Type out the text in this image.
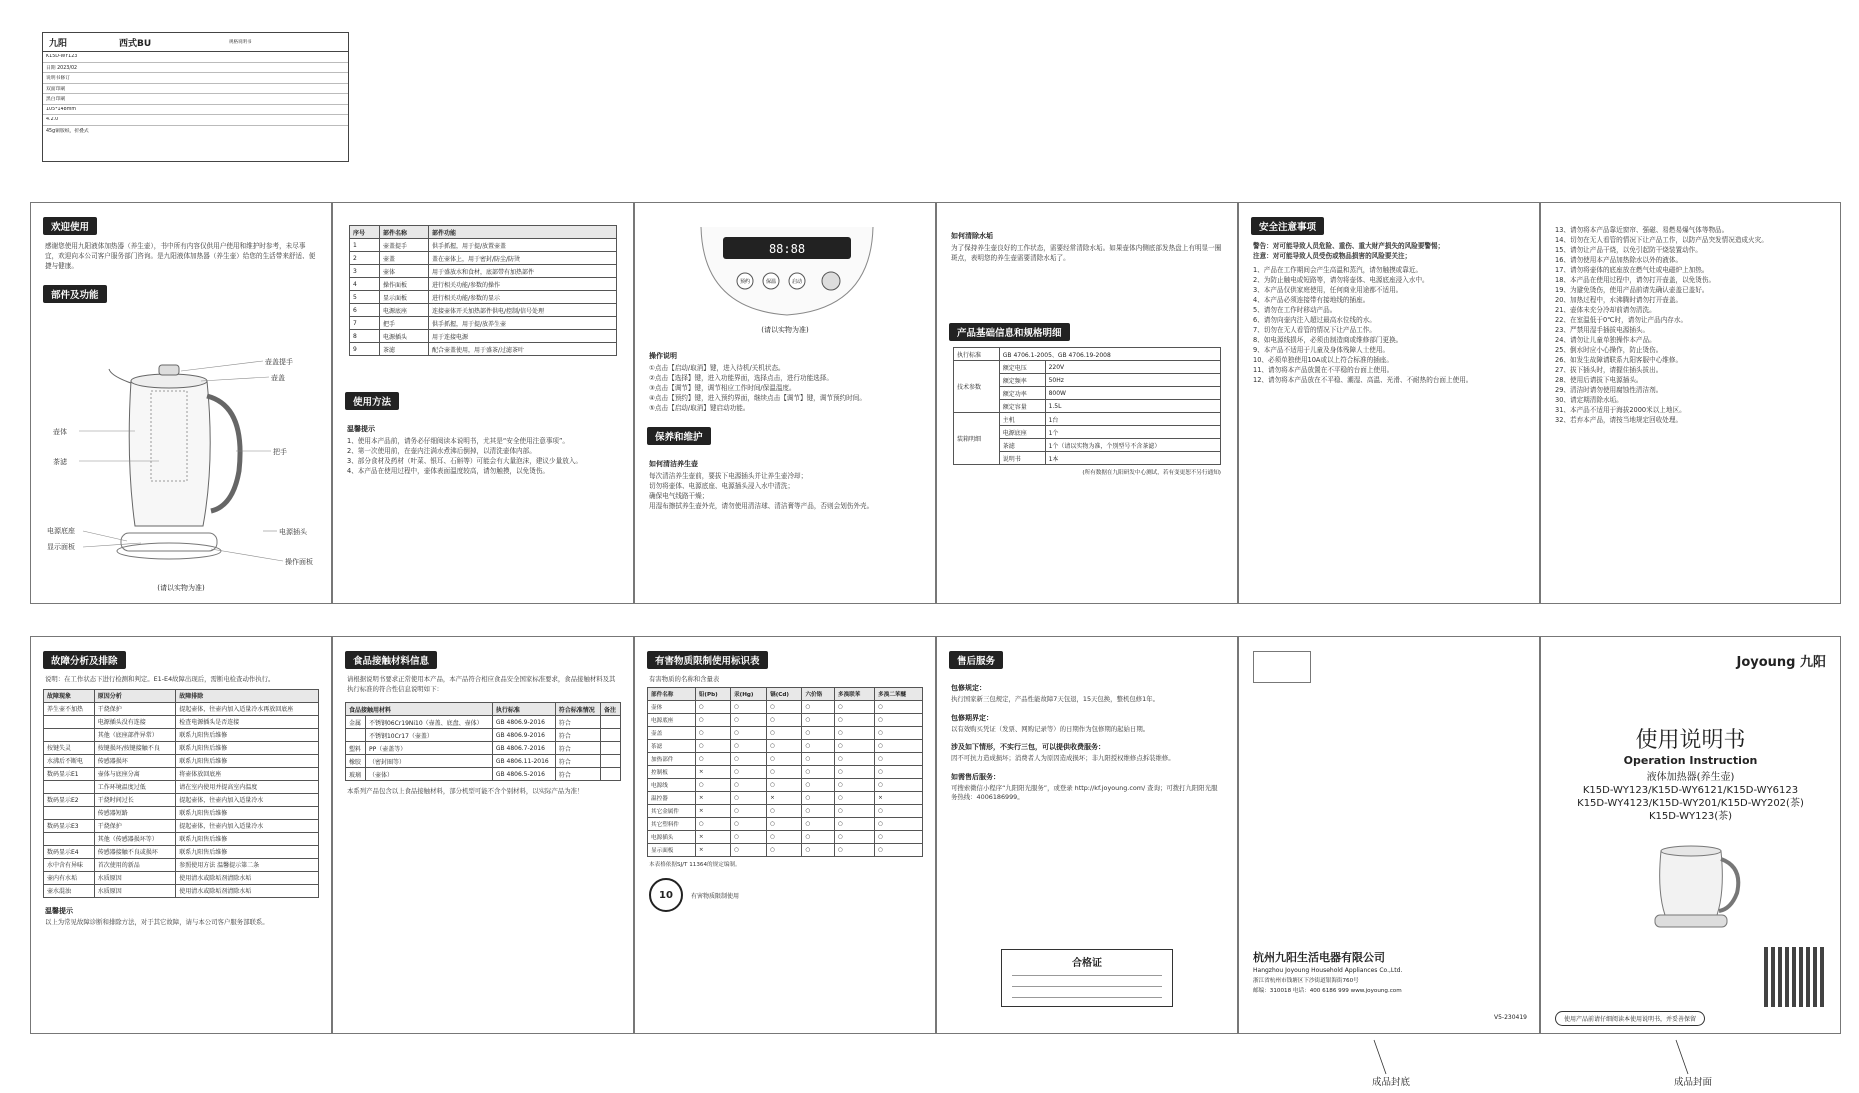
九阳	西式BU	规格说明书
K15D-WY123
日期 2023/02
说明书修订
双面印刷
黑白印刷
105*148mm
4.2.0
45g铜版纸，折叠式
欢迎使用
感谢您使用九阳液体加热器（养生壶），书中所有内容仅供用户使用和维护时参考，未尽事宜，欢迎向本公司客户服务部门咨询。是九阳液体加热器（养生壶）给您的生活带来舒适、便捷与健康。
部件及功能
壶盖提手
壶盖
壶体
茶滤
把手
电源底座
显示面板
电源插头
操作面板
(请以实物为准)
序号	部件名称	部件功能
1	壶盖提手	供手抓握，用于提/放置壶盖
2	壶盖	盖在壶体上，用于密封/防尘/防烫
3	壶体	用于盛放水和食材，底部带有加热部件
4	操作面板	进行相关功能/参数的操作
5	显示面板	进行相关功能/参数的显示
6	电源底座	连接壶体开关加热部件供电/控制/信号处理
7	把手	供手抓握，用于提/放养生壶
8	电源插头	用于连接电源
9	茶滤	配合壶盖使用，用于盛茶/过滤茶叶
使用方法
温馨提示
1、使用本产品前，请务必仔细阅读本说明书，尤其是“安全使用注意事项”。
2、第一次使用前，在壶内注满水煮沸后倒掉，以清洗壶体内部。
3、部分食材及药材（叶菜、银耳、石斛等）可能会有大量泡沫，建议少量放入。
4、本产品在使用过程中，壶体表面温度较高，请勿触摸，以免烫伤。
88:88
预约	保温	启动
(请以实物为准)
操作说明
①点击【启动/取消】键，进入待机/关机状态。
②点击【选择】键，进入功能界面，选择点击，进行功能选择。
③点击【调节】键，调节相应工作时间/保温温度。
④点击【预约】键，进入预约界面，继续点击【调节】键，调节预约时间。
⑤点击【启动/取消】键启动功能。
保养和维护
如何清洁养生壶
每次清洁养生壶前，要拔下电源插头并让养生壶冷却；
切勿将壶体、电源底座、电源插头浸入水中清洗；
确保电气线路干燥；
用湿布擦拭养生壶外壳，请勿使用清洁球、清洁膏等产品，否则会划伤外壳。
如何清除水垢
为了保持养生壶良好的工作状态，需要经常清除水垢。如果壶体内侧底部发热盘上有明显一圈斑点，表明您的养生壶需要清除水垢了。
产品基础信息和规格明细
执行标准	GB 4706.1-2005、GB 4706.19-2008	
技术参数	额定电压	220V
	额定频率	50Hz
	额定功率	800W
	额定容量	1.5L
装箱明细	主机	1台
	电源底座	1个
	茶滤	1个（请以实物为准，个别型号不含茶滤）
	说明书	1本
(所有数据在九阳研发中心测试，若有变更恕不另行通知)
安全注意事项
警告：对可能导致人员危险、重伤、重大财产损失的风险要警惕；
注意：对可能导致人员受伤或物品损害的风险要关注；
1、产品在工作期间会产生高温和蒸汽，请勿触摸或靠近。
2、为防止触电或短路等，请勿将壶体、电源底座浸入水中。
3、本产品仅供家庭使用，任何商业用途都不适用。
4、本产品必须连接带有接地线的插座。
5、请勿在工作时移动产品。
6、请勿向壶内注入超过最高水位线的水。
7、切勿在无人看管的情况下让产品工作。
8、如电源线损坏，必须由制造商或维修部门更换。
9、本产品不适用于儿童及身体残障人士使用。
10、必须单独使用10A或以上符合标准的插座。
11、请勿将本产品放置在不平稳的台面上使用。
12、请勿将本产品放在不平稳、潮湿、高温、光滑、不耐热的台面上使用。
13、请勿将本产品靠近窗帘、强磁、易燃易爆气体等物品。
14、切勿在无人看管的情况下让产品工作，以防产品突发情况造成火灾。
15、请勿让产品干烧，以免引起防干烧装置动作。
16、请勿使用本产品加热除水以外的液体。
17、请勿将壶体的底座放在燃气灶或电磁炉上加热。
18、本产品在使用过程中，请勿打开壶盖，以免烫伤。
19、为避免烫伤，使用产品前请先确认壶盖已盖好。
20、加热过程中，水沸腾时请勿打开壶盖。
21、壶体未充分冷却前请勿清洗。
22、在室温低于0℃时，请勿让产品内存水。
23、严禁用湿手插拔电源插头。
24、请勿让儿童单独操作本产品。
25、倒水时应小心操作，防止烫伤。
26、如发生故障请联系九阳客服中心维修。
27、拔下插头时，请握住插头拔出。
28、使用后请拔下电源插头。
29、清洁时请勿使用腐蚀性清洁剂。
30、请定期清除水垢。
31、本产品不适用于海拔2000米以上地区。
32、若弃本产品，请按当地规定回收处理。
故障分析及排除
说明：在工作状态下进行检测和判定。E1-E4故障出现后，需断电检查动作执行。
故障现象	原因分析	故障排除
养生壶不加热	干烧保护	提起壶体，往壶内加入适量冷水再放回底座
	电源插头没有连接	检查电源插头是否连接
	其他（底座部件异常）	联系九阳售后维修
按键失灵	按键损坏/按键接触不良	联系九阳售后维修
水沸后不断电	传感器损坏	联系九阳售后维修
数码显示E1	壶体与底座分离	将壶体放回底座
	工作环境温度过低	请在室内使用并提高室内温度
数码显示E2	干烧时间过长	提起壶体，往壶内加入适量冷水
	传感器短路	联系九阳售后维修
数码显示E3	干烧保护	提起壶体，往壶内加入适量冷水
	其他（传感器损坏等）	联系九阳售后维修
数码显示E4	传感器接触不良或损坏	联系九阳售后维修
水中含有异味	首次使用的新品	参照使用方法 温馨提示第二条
壶内有水垢	水质原因	使用清水或除垢剂清除水垢
壶水混浊	水质原因	使用清水或除垢剂清除水垢
温馨提示
以上为常见故障诊断和排除方法，对于其它故障，请与本公司客户服务部联系。
食品接触材料信息
请根据说明书要求正常使用本产品，本产品符合相应食品安全国家标准要求，食品接触材料及其执行标准的符合性信息说明如下：
食品接触用材料		执行标准	符合标准情况	备注
金属	不锈钢06Cr19Ni10（壶盖、底盘、壶体）	GB 4806.9-2016	符合	
	不锈钢10Cr17（壶盖）	GB 4806.9-2016	符合	
塑料	PP（壶盖等）	GB 4806.7-2016	符合	
橡胶	（密封圈等）	GB 4806.11-2016	符合	
玻璃	（壶体）	GB 4806.5-2016	符合	
本系列产品包含以上食品接触材料，部分机型可能不含个别材料，以实际产品为准！
有害物质限制使用标识表
有害物质的名称和含量表
部件名称	铅(Pb)	汞(Hg)	镉(Cd)	六价铬	多溴联苯	多溴二苯醚
壶体	○	○	○	○	○	○
电源底座	○	○	○	○	○	○
壶盖	○	○	○	○	○	○
茶滤	○	○	○	○	○	○
加热部件	○	○	○	○	○	○
控制板	×	○	○	○	○	○
电源线	○	○	○	○	○	○
温控器	×	○	×	○	○	×
其它金属件	×	○	○	○	○	○
其它塑料件	○	○	○	○	○	○
电源插头	×	○	○	○	○	○
显示面板	×	○	○	○	○	○
本表格依据SJ/T 11364的规定编制。
10	有害物质限制使用
售后服务
包修规定：
执行国家新三包规定，产品性能故障7天包退，15天包换，整机包修1年。
包修期界定：
以有效购买凭证（发票、网购记录等）的日期作为包修期的起始日期。
涉及如下情形，不实行三包，可以提供收费服务：
因不可抗力造成损坏；消费者人为原因造成损坏；非九阳授权维修点拆装维修。
如需售后服务：
可搜索微信小程序“九阳阳光服务”，或登录 http://kf.joyoung.com/ 查询；可拨打九阳阳光服务热线：4006186999。
合格证	杭州九阳生活电器有限公司
Hangzhou Joyoung Household Appliances Co.,Ltd.
浙江省杭州市钱塘区下沙街道银海街760号
邮编：310018 电话：400 6186 999 www.joyoung.com
V5-230419
Joyoung 九阳
使用说明书
Operation Instruction
液体加热器(养生壶)
K15D-WY123/K15D-WY6121/K15D-WY6123
K15D-WY4123/K15D-WY201/K15D-WY202(茶)
K15D-WY123(茶)
使用产品前请仔细阅读本使用说明书，并妥善保留
成品封底	成品封面
